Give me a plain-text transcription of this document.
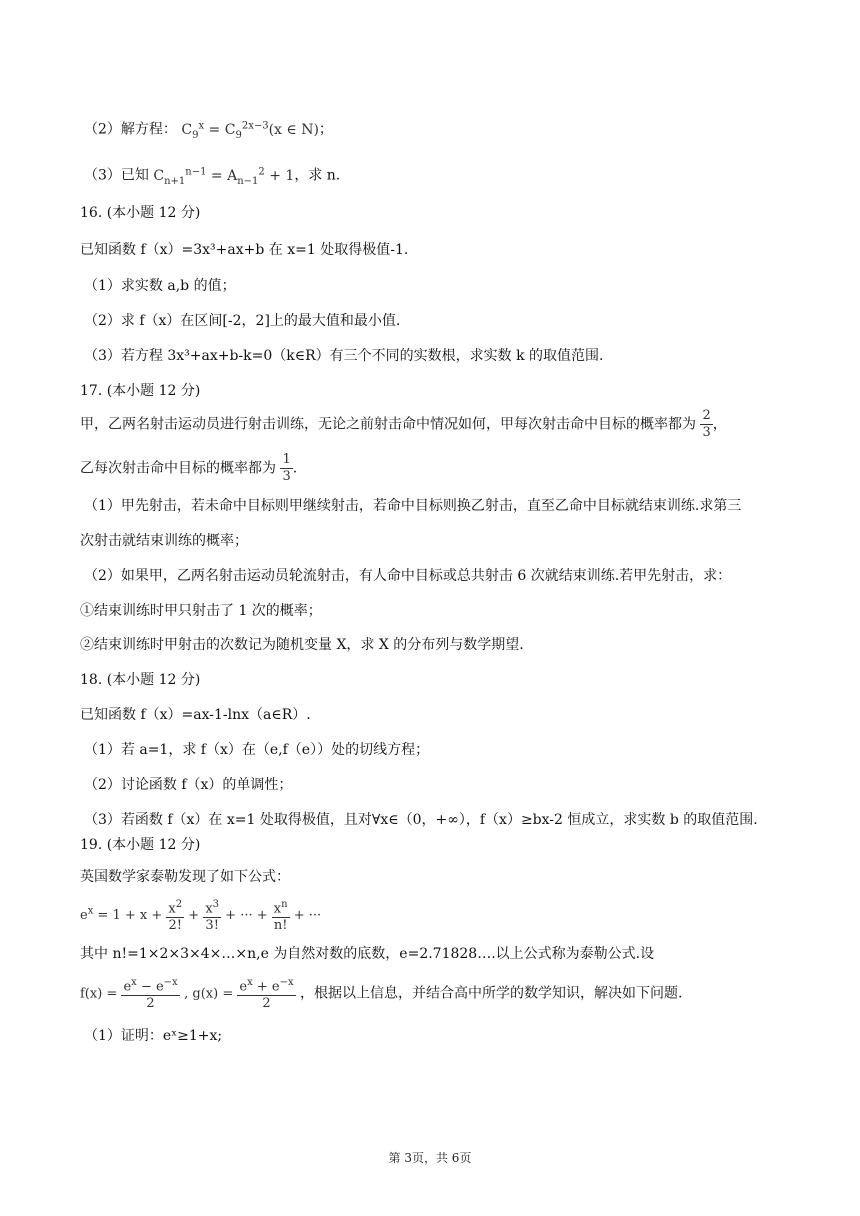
（2）解方程： $C_9^x = C_9^{2x-3}(x$ ∈ N)；
（3）已知 $C_{n+1}^{n-1} = A_{n-1}^2 + 1$，求 n.
16. (本小题 12 分)
已知函数 f（x）=3x³+ax+b 在 x=1 处取得极值-1.
（1）求实数 a,b 的值；
（2）求 f（x）在区间[-2，2]上的最大值和最小值.
（3）若方程 3x³+ax+b-k=0（k∈R）有三个不同的实数根，求实数 k 的取值范围.
17. (本小题 12 分)
甲，乙两名射击运动员进行射击训练，无论之前射击命中情况如何，甲每次射击命中目标的概率都为 $\frac{2}{3}$ ，
乙每次射击命中目标的概率都为 $\frac{1}{3}$ .
（1）甲先射击，若未命中目标则甲继续射击，若命中目标则换乙射击，直至乙命中目标就结束训练.求第三
次射击就结束训练的概率；
（2）如果甲，乙两名射击运动员轮流射击，有人命中目标或总共射击 6 次就结束训练.若甲先射击，求：
①结束训练时甲只射击了 1 次的概率；
②结束训练时甲射击的次数记为随机变量 X，求 X 的分布列与数学期望.
18. (本小题 12 分)
已知函数 f（x）=ax-1-lnx（a∈R）.
（1）若 a=1，求 f（x）在（e,f（e））处的切线方程；
（2）讨论函数 f（x）的单调性；
（3）若函数 f（x）在 x=1 处取得极值，且对∀x∈（0，+∞），f（x）≥bx-2 恒成立，求实数 b 的取值范围.
19. (本小题 12 分)
英国数学家泰勒发现了如下公式：
$e^x = 1 + x + \frac{x^2}{2!} + \frac{x^3}{3!}$ + ··· + $\frac{x^n}{n!}$ + ···
其中 n!=1×2×3×4×…×n,e 为自然对数的底数，e=2.71828….以上公式称为泰勒公式.设
$f(x) = \frac{e^x - e^{-x}}{2}$ , $g(x) = \frac{e^x + e^{-x}}{2}$ ，根据以上信息，并结合高中所学的数学知识，解决如下问题.
（1）证明：eˣ≥1+x;
第 3页，共 6页
